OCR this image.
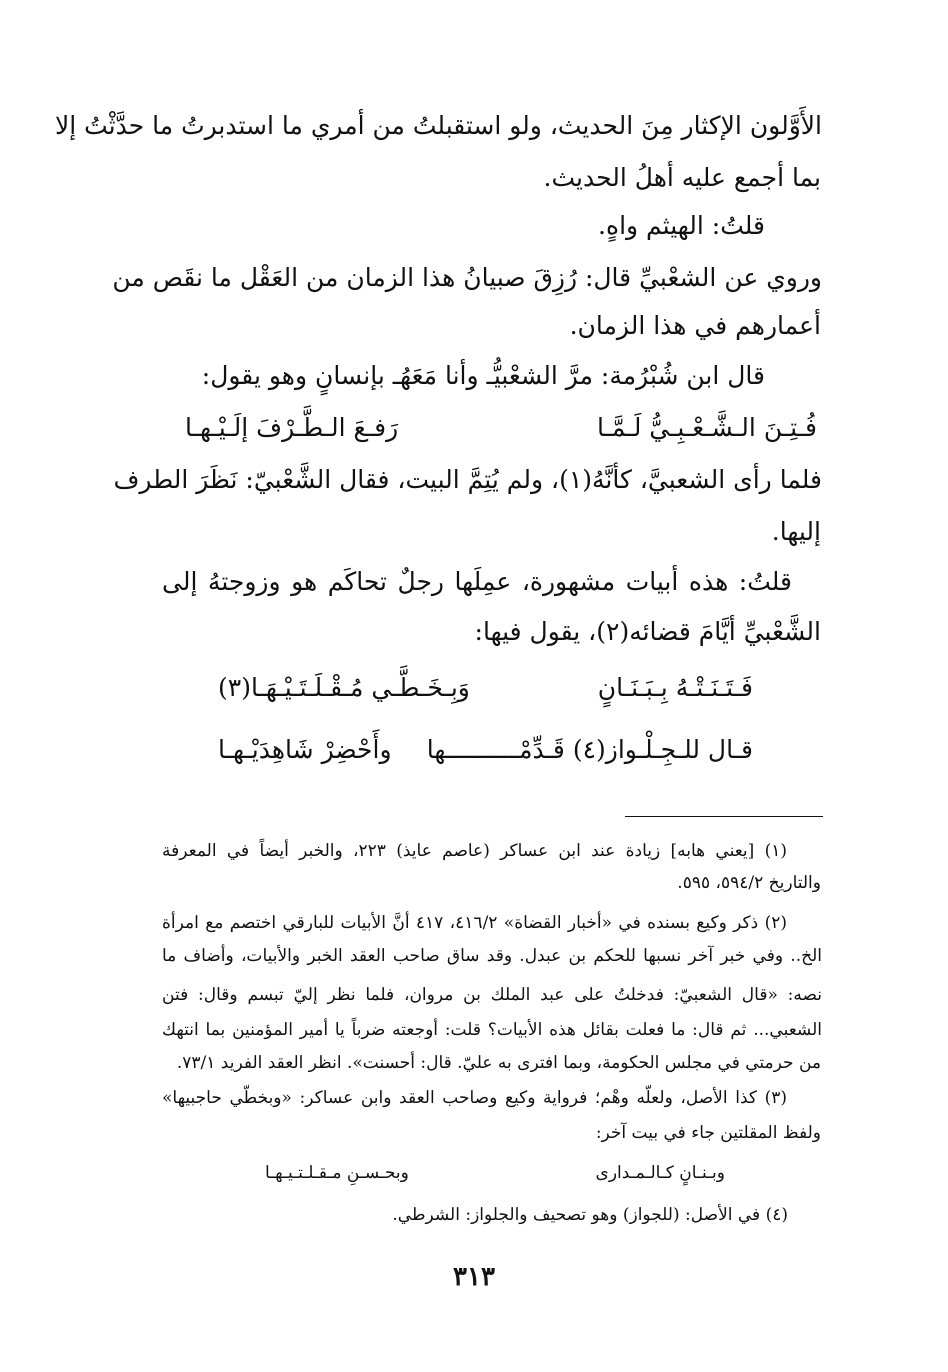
الأَوَّلون الإكثار مِنَ الحديث، ولو استقبلتُ من أمري ما استدبرتُ ما حدَّثْتُ إلا
بما أجمع عليه أهلُ الحديث.
قلتُ: الهيثم واهٍ.
وروي عن الشعْبيِّ قال: رُزِقَ صبيانُ هذا الزمان من العَقْل ما نقَص من
أعمارهم في هذا الزمان.
قال ابن شُبْرُمة: مرَّ الشعْبيُّـ وأنا مَعَهُـ بإنسانٍ وهو يقول:
فُـتِـنَ الـشَّـعْـبِـيُّ لَـمَّـا
رَفـعَ الـطَّـرْفَ إلَـيْـهـا
فلما رأى الشعبيَّ، كأنَّهُ(١)، ولم يُتِمَّ البيت، فقال الشَّعْبيّ: نَظَرَ الطرف
إليها.
قلتُ: هذه أبيات مشهورة، عمِلَها رجلٌ تحاكَم هو وزوجتهُ إلى
الشَّعْبيِّ أيَّامَ قضائه(٢)، يقول فيها:
فَـتَـنَـتْـهُ بِـبَـنَـانٍ
وَبِـخَـطَّـي مُـقْـلَـتَـيْـهَـا(٣)
قـال للـجِـلْـواز(٤) قَـدِّمْــــــــــها
وأَحْضِرْ شَاهِدَيْـهـا
(١) [يعني هابه] زيادة عند ابن عساكر (عاصم عايذ) ٢٢٣، والخبر أيضاً في المعرفة
والتاريخ ٥٩٤/٢، ٥٩٥.
(٢) ذكر وكيع بسنده في «أخبار القضاة» ٤١٦/٢، ٤١٧ أنَّ الأبيات للبارقي اختصم مع امرأة
الخ.. وفي خبر آخر نسبها للحكم بن عبدل. وقد ساق صاحب العقد الخبر والأبيات، وأضاف ما
نصه: «قال الشعبيّ: فدخلتُ على عبد الملك بن مروان، فلما نظر إليّ تبسم وقال: فتن
الشعبي... ثم قال: ما فعلت بقائل هذه الأبيات؟ قلت: أوجعته ضرباً يا أمير المؤمنين بما انتهك
من حرمتي في مجلس الحكومة، وبما افترى به عليّ. قال: أحسنت». انظر العقد الفريد ٧٣/١.
(٣) كذا الأصل، ولعلّه وهْم؛ فرواية وكيع وصاحب العقد وابن عساكر: «وبخطّي حاجبيها»
ولفظ المقلتين جاء في بيت آخر:
وبـنـانٍ كـالـمـدارى
وبحـسـنِ مـقـلـتـيـهـا
(٤) في الأصل: (للجواز) وهو تصحيف والجلواز: الشرطي.
٣١٣
